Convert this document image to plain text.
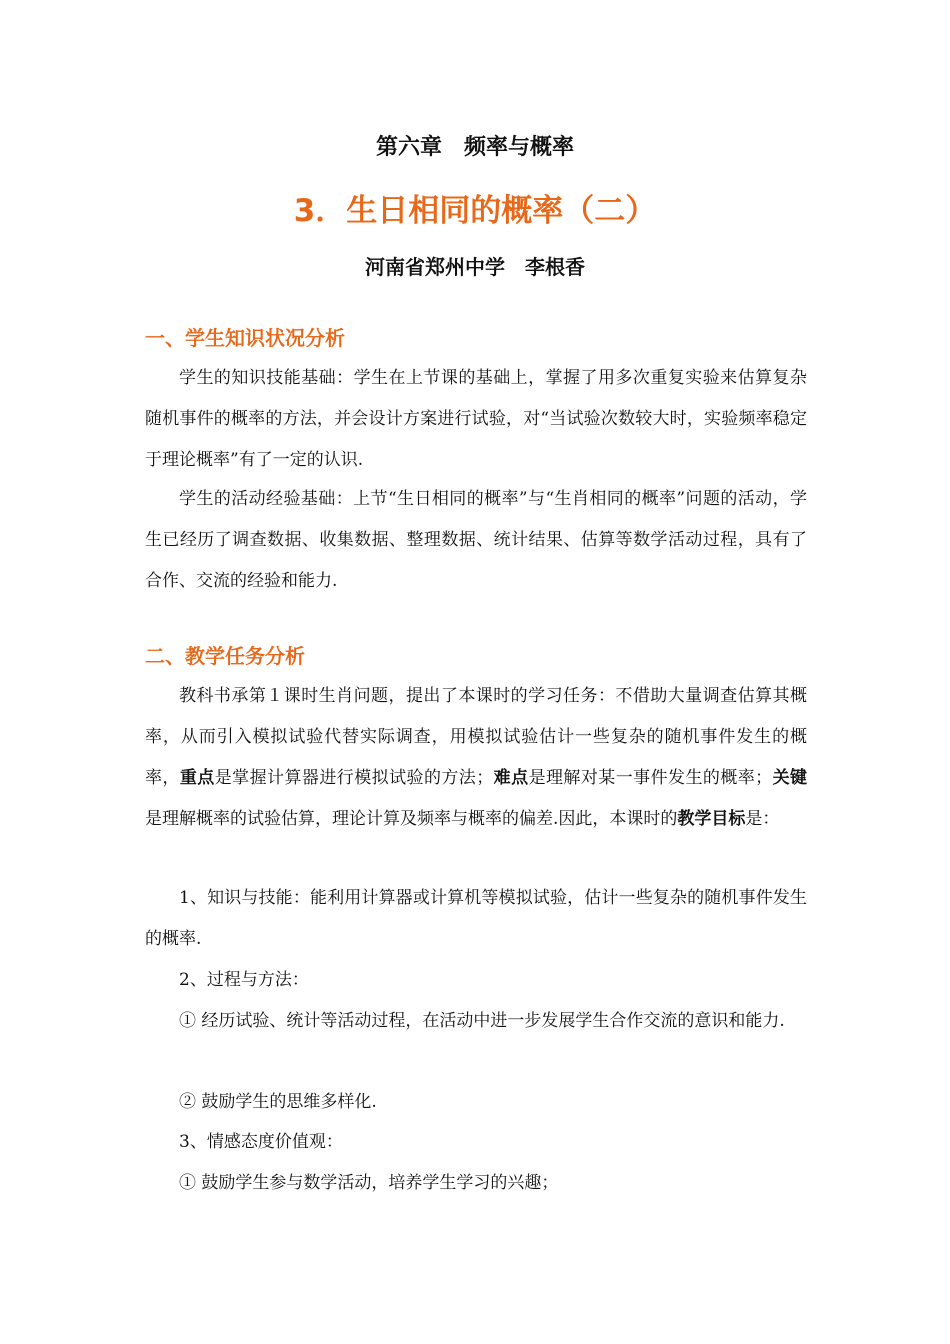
第六章　频率与概率
3．生日相同的概率（二）
河南省郑州中学　李根香
一、学生知识状况分析
学生的知识技能基础：学生在上节课的基础上，掌握了用多次重复实验来估算复杂随机事件的概率的方法，并会设计方案进行试验，对“当试验次数较大时，实验频率稳定于理论概率”有了一定的认识.
学生的活动经验基础：上节“生日相同的概率”与“生肖相同的概率”问题的活动，学生已经历了调查数据、收集数据、整理数据、统计结果、估算等数学活动过程，具有了合作、交流的经验和能力.
二、教学任务分析
教科书承第１课时生肖问题，提出了本课时的学习任务：不借助大量调查估算其概率，从而引入模拟试验代替实际调查，用模拟试验估计一些复杂的随机事件发生的概率，重点是掌握计算器进行模拟试验的方法；难点是理解对某一事件发生的概率；关键是理解概率的试验估算，理论计算及频率与概率的偏差.因此，本课时的教学目标是：
1、知识与技能：能利用计算器或计算机等模拟试验，估计一些复杂的随机事件发生的概率.
2、过程与方法：
① 经历试验、统计等活动过程，在活动中进一步发展学生合作交流的意识和能力.
② 鼓励学生的思维多样化.
3、情感态度价值观：
① 鼓励学生参与数学活动，培养学生学习的兴趣；
